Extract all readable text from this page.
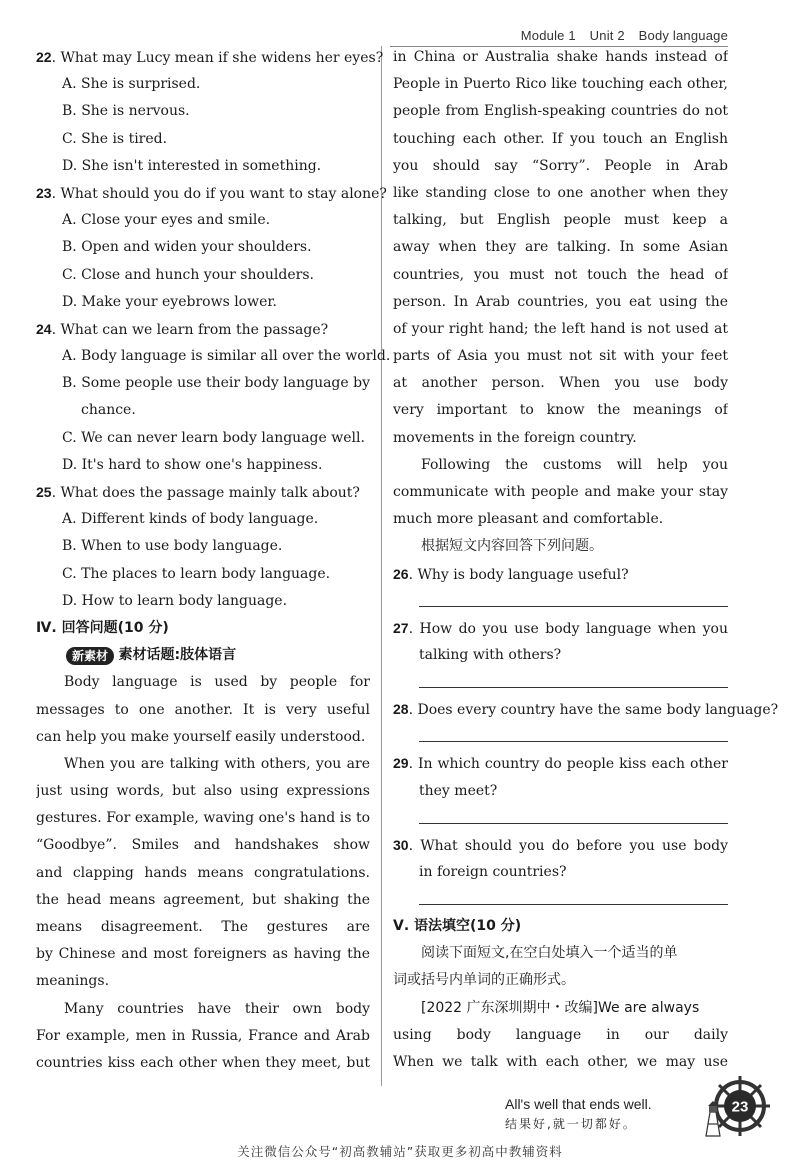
Module 1 Unit 2 Body language
22. What may Lucy mean if she widens her eyes?
A. She is surprised.
B. She is nervous.
C. She is tired.
D. She isn't interested in something.
23. What should you do if you want to stay alone?
A. Close your eyes and smile.
B. Open and widen your shoulders.
C. Close and hunch your shoulders.
D. Make your eyebrows lower.
24. What can we learn from the passage?
A. Body language is similar all over the world.
B. Some people use their body language by
chance.
C. We can never learn body language well.
D. It's hard to show one's happiness.
25. What does the passage mainly talk about?
A. Different kinds of body language.
B. When to use body language.
C. The places to learn body language.
D. How to learn body language.
Ⅳ. 回答问题(10 分)
新素材 素材话题:肢体语言
Body language is used by people for
messages to one another. It is very useful
can help you make yourself easily understood.
When you are talking with others, you are
just using words, but also using expressions
gestures. For example, waving one's hand is to
“Goodbye”. Smiles and handshakes show
and clapping hands means congratulations.
the head means agreement, but shaking the
means disagreement. The gestures are
by Chinese and most foreigners as having the
meanings.
Many countries have their own body
For example, men in Russia, France and Arab
countries kiss each other when they meet, but
in China or Australia shake hands instead of
People in Puerto Rico like touching each other,
people from English-speaking countries do not
touching each other. If you touch an English
you should say “Sorry”. People in Arab
like standing close to one another when they
talking, but English people must keep a
away when they are talking. In some Asian
countries, you must not touch the head of
person. In Arab countries, you eat using the
of your right hand; the left hand is not used at
parts of Asia you must not sit with your feet
at another person. When you use body
very important to know the meanings of
movements in the foreign country.
Following the customs will help you
communicate with people and make your stay
much more pleasant and comfortable.
根据短文内容回答下列问题。
26. Why is body language useful?
27. How do you use body language when you
talking with others?
28. Does every country have the same body language?
29. In which country do people kiss each other
they meet?
30. What should you do before you use body
in foreign countries?
Ⅴ. 语法填空(10 分)
阅读下面短文,在空白处填入一个适当的单
词或括号内单词的正确形式。
[2022 广东深圳期中・改编]We are always
using body language in our daily
When we talk with each other, we may use
All's well that ends well.
结果好,就一切都好。
23
关注微信公众号“初高教辅站”获取更多初高中教辅资料
